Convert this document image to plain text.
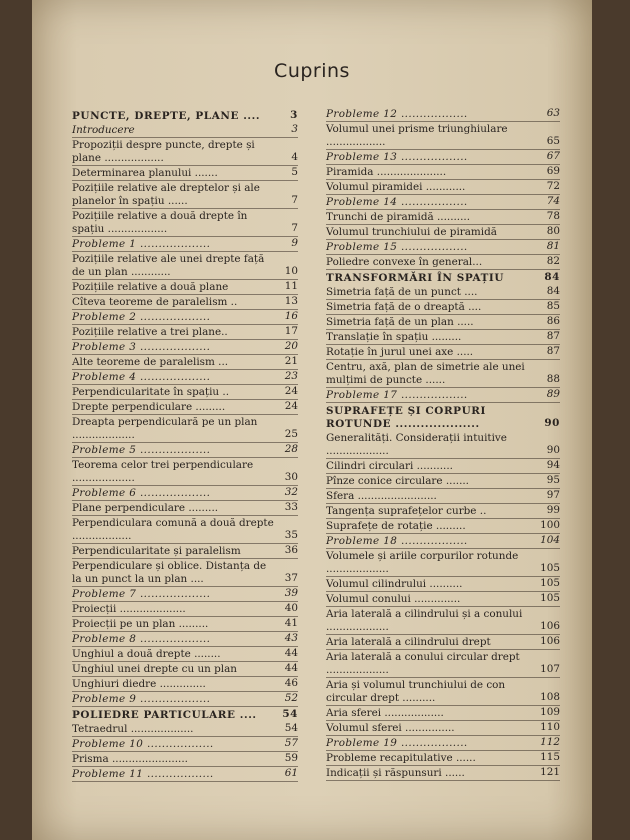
Cuprins
PUNCTE, DREPTE, PLANE ....	3
Introducere	3
Propoziții despre puncte, drepte și plane ..................	4
Determinarea planului .......	5
Pozițiile relative ale dreptelor și ale planelor în spațiu ......	7
Pozițiile relative a două drepte în spațiu ..................	7
Probleme 1 ...................	9
Pozițiile relative ale unei drepte față de un plan ............	10
Pozițiile relative a două plane	11
Cîteva teoreme de paralelism ..	13
Probleme 2 ...................	16
Pozițiile relative a trei plane..	17
Probleme 3 ...................	20
Alte teoreme de paralelism ...	21
Probleme 4 ...................	23
Perpendicularitate în spațiu ..	24
Drepte perpendiculare .........	24
Dreapta perpendiculară pe un plan ...................	25
Probleme 5 ...................	28
Teorema celor trei perpendiculare ...................	30
Probleme 6 ...................	32
Plane perpendiculare .........	33
Perpendiculara comună a două drepte ..................	35
Perpendicularitate și paralelism	36
Perpendiculare și oblice. Distanța de la un punct la un plan ....	37
Probleme 7 ...................	39
Proiecții ....................	40
Proiecții pe un plan .........	41
Probleme 8 ...................	43
Unghiul a două drepte ........	44
Unghiul unei drepte cu un plan	44
Unghiuri diedre ..............	46
Probleme 9 ...................	52
POLIEDRE PARTICULARE .... 54
Tetraedrul ...................	54
Probleme 10 ..................	57
Prisma .......................	59
Probleme 11 ..................	61
Probleme 12 ..................	63
Volumul unei prisme triunghiulare ..................	65
Probleme 13 ..................	67
Piramida .....................	69
Volumul piramidei ............	72
Probleme 14 ..................	74
Trunchi de piramidă ..........	78
Volumul trunchiului de piramidă	80
Probleme 15 ..................	81
Poliedre convexe în general...	82
TRANSFORMĂRI ÎN SPAȚIU	84
Simetria față de un punct ....	84
Simetria față de o dreaptă ....	85
Simetria față de un plan .....	86
Translație în spațiu .........	87
Rotație în jurul unei axe .....	87
Centru, axă, plan de simetrie ale unei mulțimi de puncte ......	88
Probleme 17 ..................	89
SUPRAFEȚE ȘI CORPURI ROTUNDE ....................	90
Generalități. Considerații intuitive ...................	90
Cilindri circulari ...........	94
Pînze conice circulare .......	95
Sfera ........................	97
Tangența suprafețelor curbe ..	99
Suprafețe de rotație .........	100
Probleme 18 ..................	104
Volumele și ariile corpurilor rotunde ...................	105
Volumul cilindrului ..........	105
Volumul conului ..............	105
Aria laterală a cilindrului și a conului ...................	106
Aria laterală a cilindrului drept	106
Aria laterală a conului circular drept ...................	107
Aria și volumul trunchiului de con circular drept ..........	108
Aria sferei ..................	109
Volumul sferei ...............	110
Probleme 19 ..................	112
Probleme recapitulative ......	115
Indicații și răspunsuri ......	121
